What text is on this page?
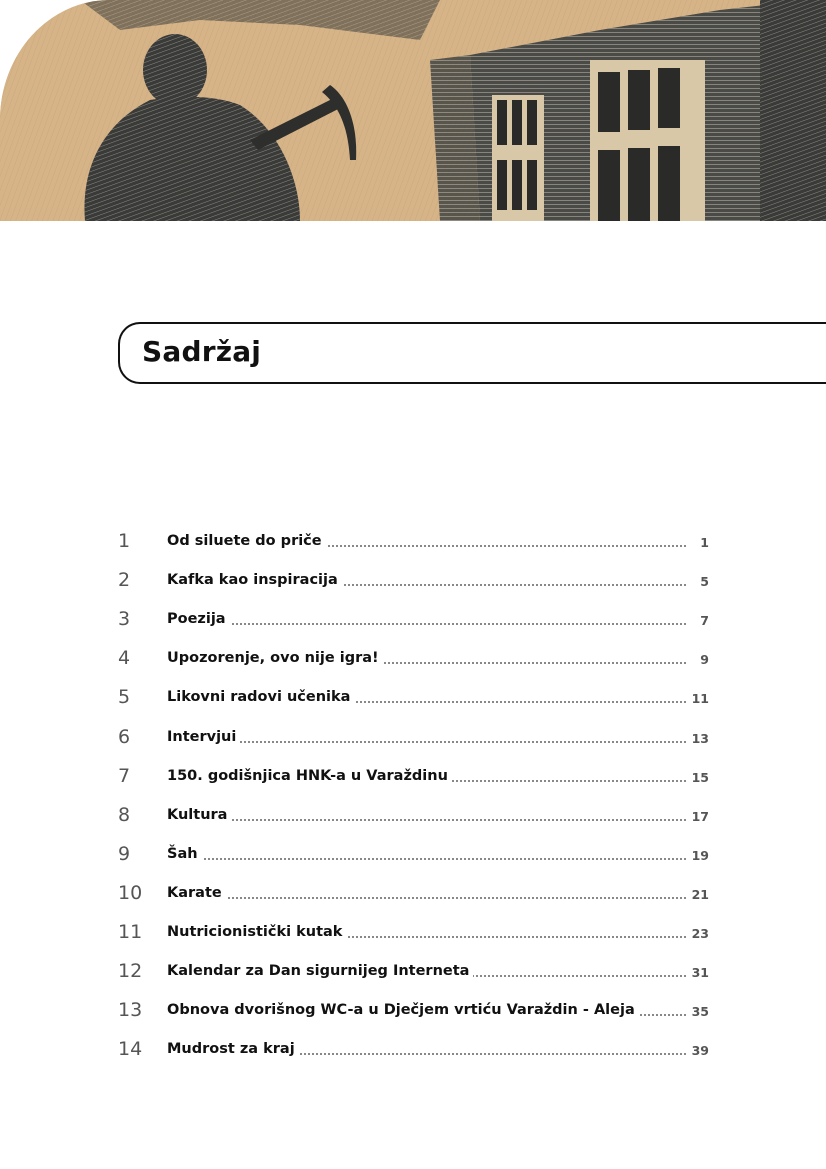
Sadržaj
1	Od siluete do priče	1
2	Kafka kao inspiracija	5
3	Poezija	7
4	Upozorenje, ovo nije igra!	9
5	Likovni radovi učenika	11
6	Intervjui	13
7	150. godišnjica HNK-a u Varaždinu	15
8	Kultura	17
9	Šah	19
10 Karate	21
11 Nutricionistički kutak	23
12 Kalendar za Dan sigurnijeg Interneta	31
13 Obnova dvorišnog WC-a u Dječjem vrtiću Varaždin - Aleja	35
14 Mudrost za kraj	39
